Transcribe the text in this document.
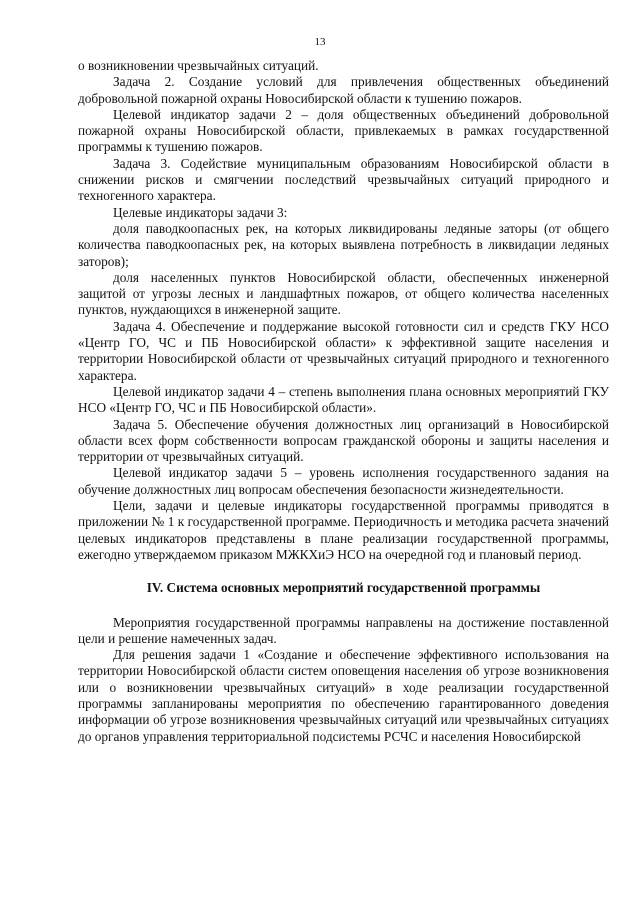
13

о возникновении чрезвычайных ситуаций.

Задача 2. Создание условий для привлечения общественных объединений добровольной пожарной охраны Новосибирской области к тушению пожаров.

Целевой индикатор задачи 2 – доля общественных объединений добровольной пожарной охраны Новосибирской области, привлекаемых в рамках государственной программы к тушению пожаров.

Задача 3. Содействие муниципальным образованиям Новосибирской области в снижении рисков и смягчении последствий чрезвычайных ситуаций природного и техногенного характера.

Целевые индикаторы задачи 3:

доля паводкоопасных рек, на которых ликвидированы ледяные заторы (от общего количества паводкоопасных рек, на которых выявлена потребность в ликвидации ледяных заторов);

доля населенных пунктов Новосибирской области, обеспеченных инженерной защитой от угрозы лесных и ландшафтных пожаров, от общего количества населенных пунктов, нуждающихся в инженерной защите.

Задача 4. Обеспечение и поддержание высокой готовности сил и средств ГКУ НСО «Центр ГО, ЧС и ПБ Новосибирской области» к эффективной защите населения и территории Новосибирской области от чрезвычайных ситуаций природного и техногенного характера.

Целевой индикатор задачи 4 – степень выполнения плана основных мероприятий ГКУ НСО «Центр ГО, ЧС и ПБ Новосибирской области».

Задача 5. Обеспечение обучения должностных лиц организаций в Новосибирской области всех форм собственности вопросам гражданской обороны и защиты населения и территории от чрезвычайных ситуаций.

Целевой индикатор задачи 5 – уровень исполнения государственного задания на обучение должностных лиц вопросам обеспечения безопасности жизнедеятельности.

Цели, задачи и целевые индикаторы государственной программы приводятся в приложении № 1 к государственной программе. Периодичность и методика расчета значений целевых индикаторов представлены в плане реализации государственной программы, ежегодно утверждаемом приказом МЖКХиЭ НСО на очередной год и плановый период.

IV. Система основных мероприятий государственной программы

Мероприятия государственной программы направлены на достижение поставленной цели и решение намеченных задач.

Для решения задачи 1 «Создание и обеспечение эффективного использования на территории Новосибирской области систем оповещения населения об угрозе возникновения или о возникновении чрезвычайных ситуаций» в ходе реализации государственной программы запланированы мероприятия по обеспечению гарантированного доведения информации об угрозе возникновения чрезвычайных ситуаций или чрезвычайных ситуациях до органов управления территориальной подсистемы РСЧС и населения Новосибирской
